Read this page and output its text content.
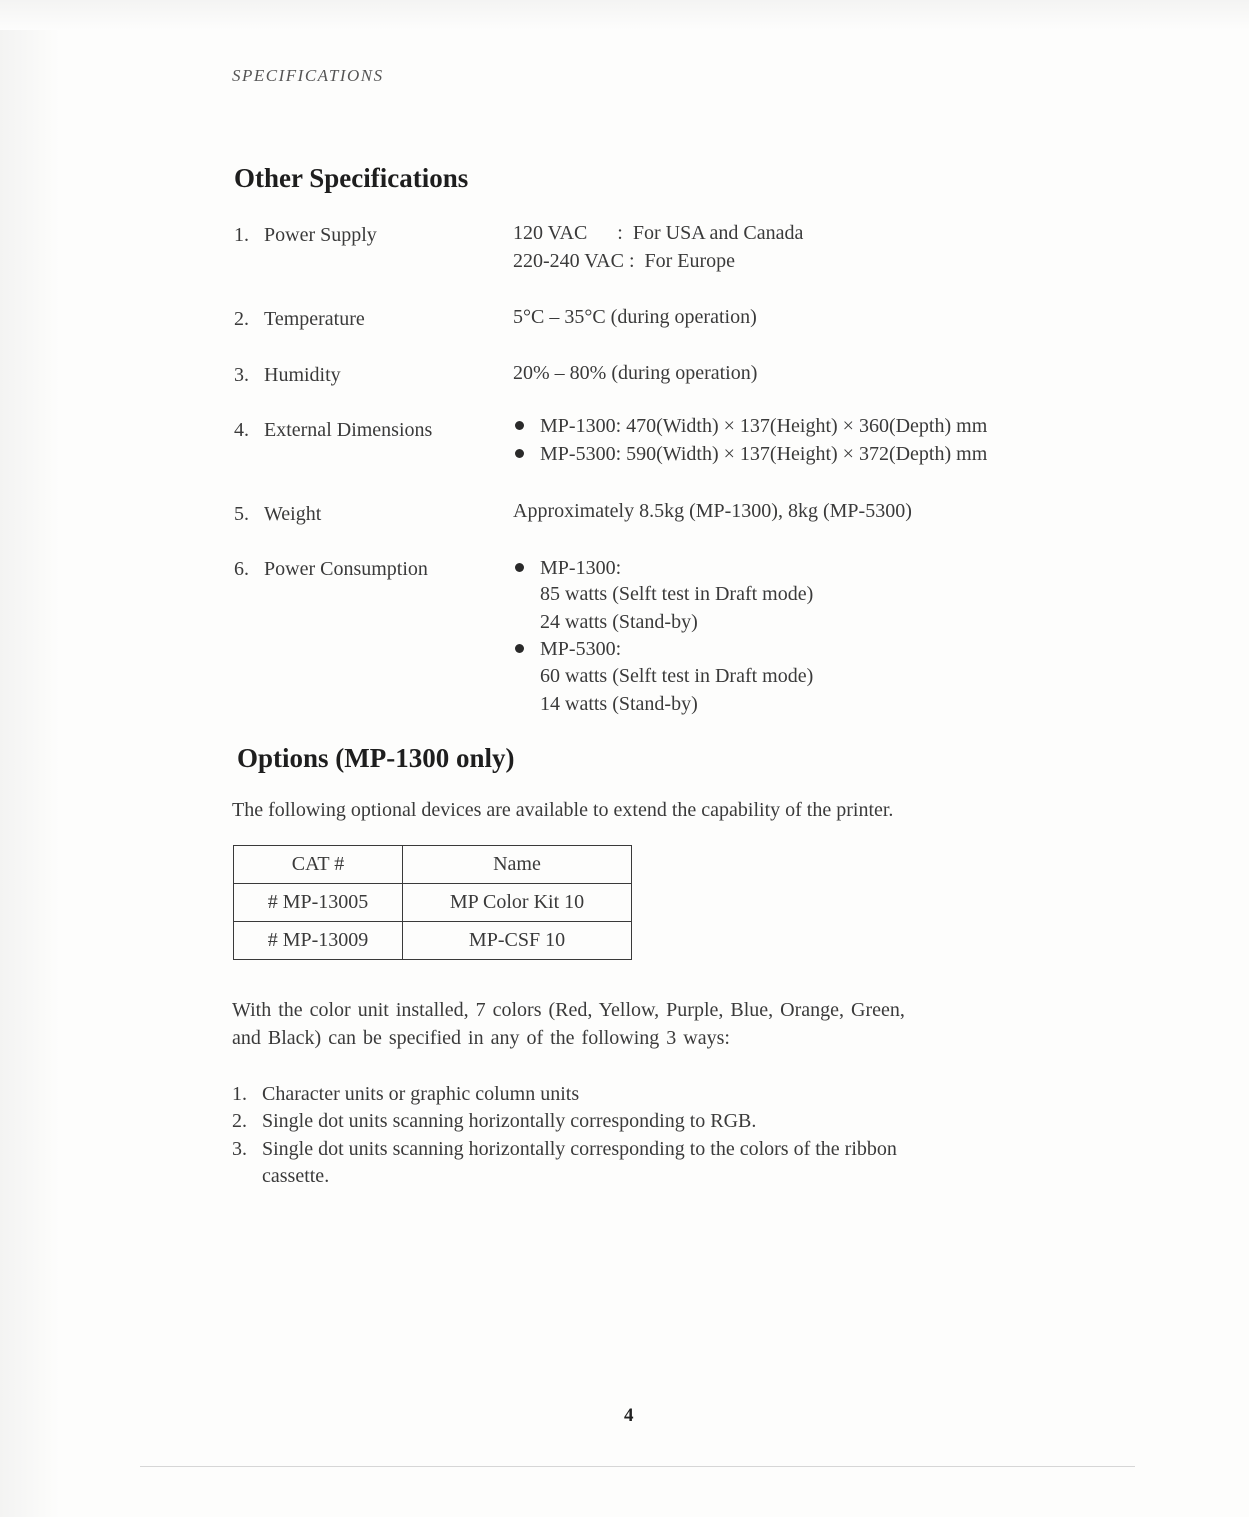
SPECIFICATIONS
Other Specifications
1. Power Supply	120 VAC      :  For USA and Canada
220-240 VAC :  For Europe
2. Temperature	5°C – 35°C (during operation)
3. Humidity	20% – 80% (during operation)
4. External Dimensions	MP-1300: 470(Width) × 137(Height) × 360(Depth) mm
MP-5300: 590(Width) × 137(Height) × 372(Depth) mm
5. Weight	Approximately 8.5kg (MP-1300), 8kg (MP-5300)
6. Power Consumption	MP-1300:
85 watts (Selft test in Draft mode)
24 watts (Stand-by)
MP-5300:
60 watts (Selft test in Draft mode)
14 watts (Stand-by)
Options (MP-1300 only)
The following optional devices are available to extend the capability of the printer.
CAT #	Name
# MP-13005	MP Color Kit 10
# MP-13009	MP-CSF 10
With the color unit installed, 7 colors (Red, Yellow, Purple, Blue, Orange, Green,
and Black) can be specified in any of the following 3 ways:
1. Character units or graphic column units
2. Single dot units scanning horizontally corresponding to RGB.
3. Single dot units scanning horizontally corresponding to the colors of the ribbon
cassette.
4
